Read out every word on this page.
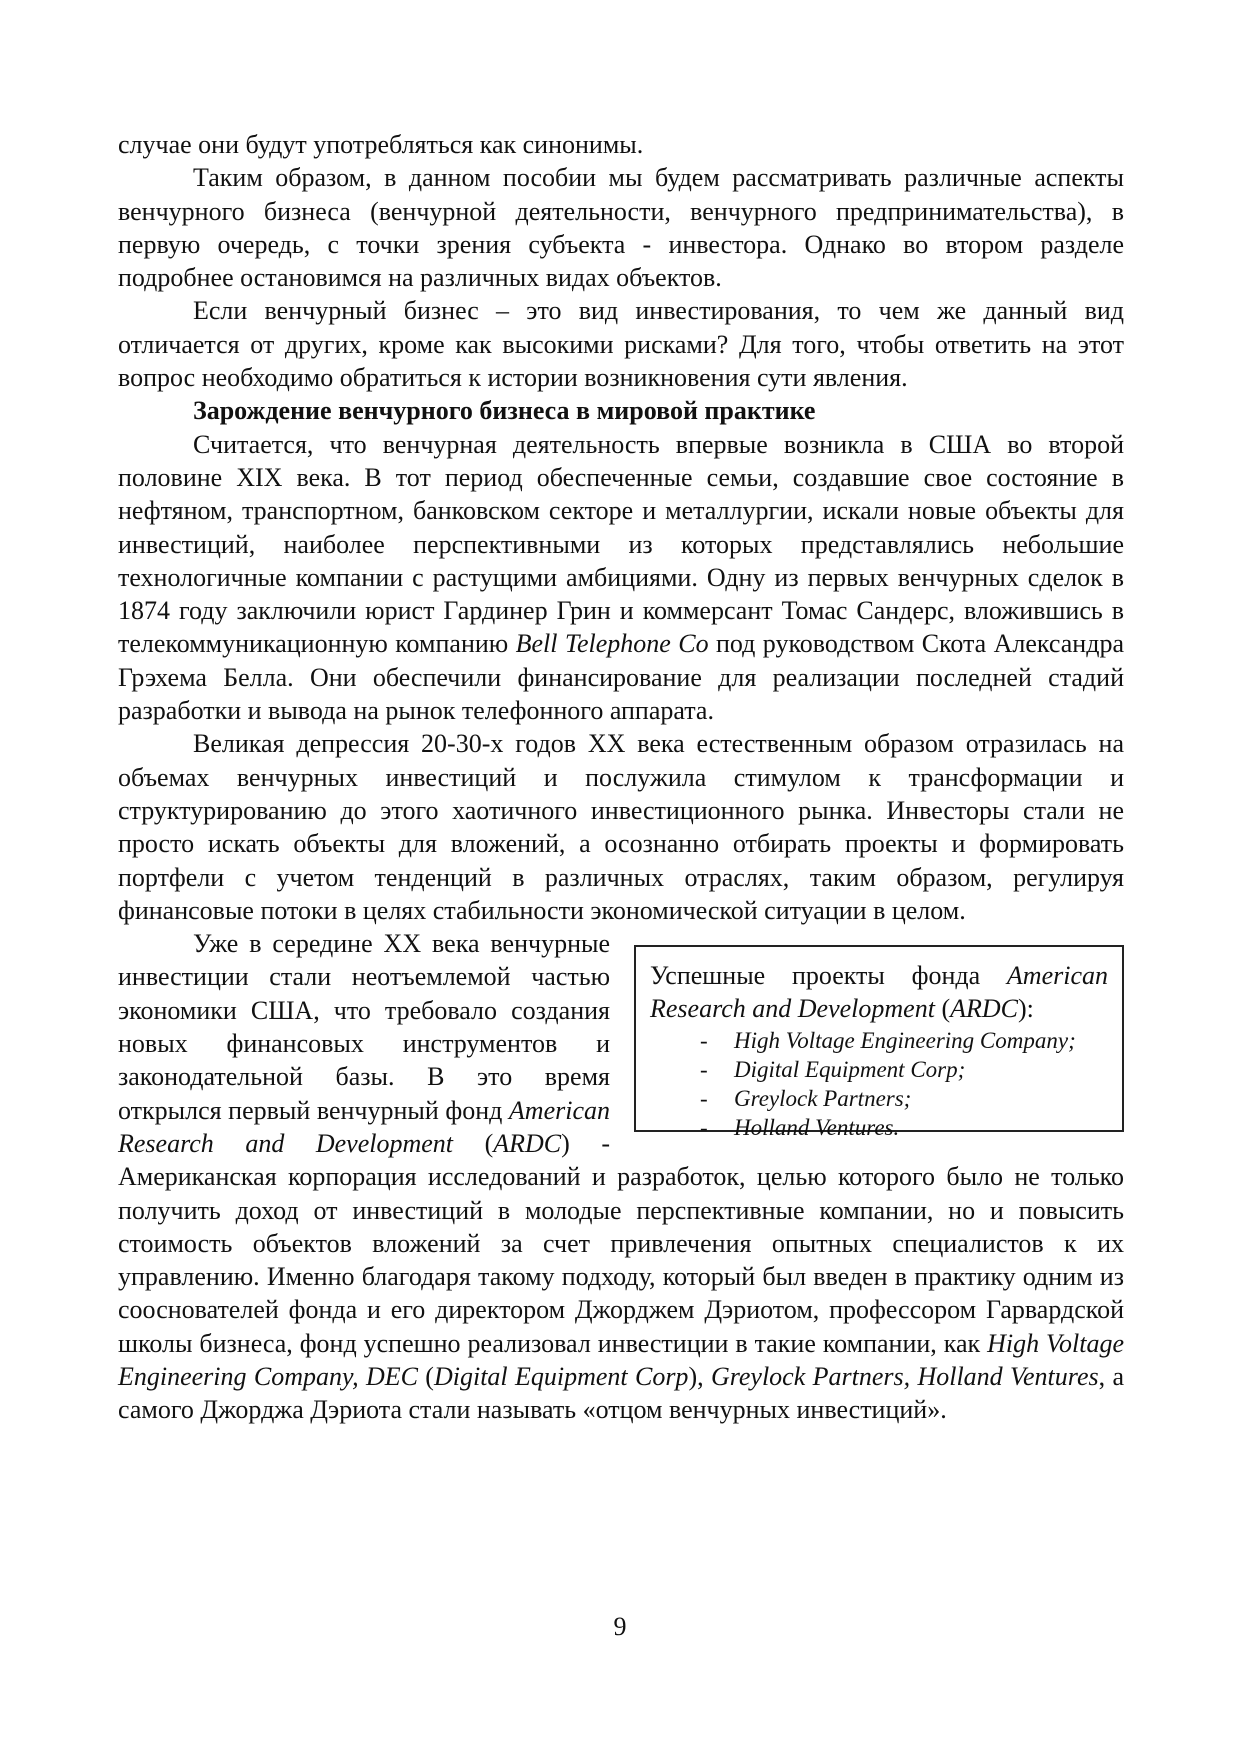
случае они будут употребляться как синонимы.

Таким образом, в данном пособии мы будем рассматривать различные аспекты венчурного бизнеса (венчурной деятельности, венчурного предпринимательства), в первую очередь, с точки зрения субъекта - инвестора. Однако во втором разделе подробнее остановимся на различных видах объектов.

Если венчурный бизнес – это вид инвестирования, то чем же данный вид отличается от других, кроме как высокими рисками? Для того, чтобы ответить на этот вопрос необходимо обратиться к истории возникновения сути явления.

Зарождение венчурного бизнеса в мировой практике

Считается, что венчурная деятельность впервые возникла в США во второй половине XIX века. В тот период обеспеченные семьи, создавшие свое состояние в нефтяном, транспортном, банковском секторе и металлургии, искали новые объекты для инвестиций, наиболее перспективными из которых представлялись небольшие технологичные компании с растущими амбициями. Одну из первых венчурных сделок в 1874 году заключили юрист Гардинер Грин и коммерсант Томас Сандерс, вложившись в телекоммуникационную компанию Bell Telephone Co под руководством Скота Александра Грэхема Белла. Они обеспечили финансирование для реализации последней стадий разработки и вывода на рынок телефонного аппарата.

Великая депрессия 20-30-х годов XX века естественным образом отразилась на объемах венчурных инвестиций и послужила стимулом к трансформации и структурированию до этого хаотичного инвестиционного рынка. Инвесторы стали не просто искать объекты для вложений, а осознанно отбирать проекты и формировать портфели с учетом тенденций в различных отраслях, таким образом, регулируя финансовые потоки в целях стабильности экономической ситуации в целом.

Успешные проекты фонда American Research and Development (ARDC):

- High Voltage Engineering Company;
- Digital Equipment Corp;
- Greylock Partners;
- Holland Ventures.

Уже в середине XX века венчурные инвестиции стали неотъемлемой частью экономики США, что требовало создания новых финансовых инструментов и законодательной базы. В это время открылся первый венчурный фонд American Research and Development (ARDC) - Американская корпорация исследований и разработок, целью которого было не только получить доход от инвестиций в молодые перспективные компании, но и повысить стоимость объектов вложений за счет привлечения опытных специалистов к их управлению. Именно благодаря такому подходу, который был введен в практику одним из сооснователей фонда и его директором Джорджем Дэриотом, профессором Гарвардской школы бизнеса, фонд успешно реализовал инвестиции в такие компании, как High Voltage Engineering Company, DEC (Digital Equipment Corp), Greylock Partners, Holland Ventures, а самого Джорджа Дэриота стали называть «отцом венчурных инвестиций».

9
